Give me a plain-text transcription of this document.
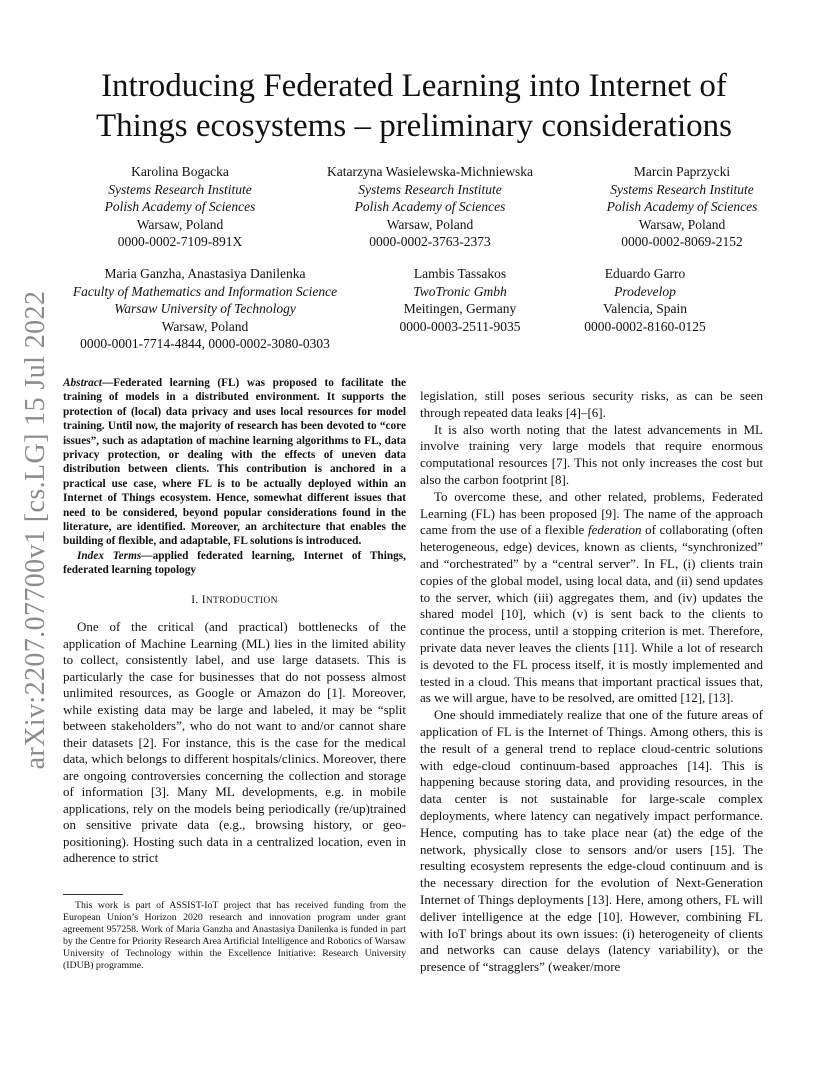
arXiv:2207.07700v1 [cs.LG] 15 Jul 2022
Introducing Federated Learning into Internet of
Things ecosystems – preliminary considerations
Karolina Bogacka
Systems Research Institute
Polish Academy of Sciences
Warsaw, Poland
0000-0002-7109-891X
Katarzyna Wasielewska-Michniewska
Systems Research Institute
Polish Academy of Sciences
Warsaw, Poland
0000-0002-3763-2373
Marcin Paprzycki
Systems Research Institute
Polish Academy of Sciences
Warsaw, Poland
0000-0002-8069-2152
Maria Ganzha, Anastasiya Danilenka
Faculty of Mathematics and Information Science
Warsaw University of Technology
Warsaw, Poland
0000-0001-7714-4844, 0000-0002-3080-0303
Lambis Tassakos
TwoTronic Gmbh
Meitingen, Germany
0000-0003-2511-9035
Eduardo Garro
Prodevelop
Valencia, Spain
0000-0002-8160-0125

Abstract—Federated learning (FL) was proposed to facilitate the training of models in a distributed environment. It supports the protection of (local) data privacy and uses local resources for model training. Until now, the majority of research has been devoted to “core issues”, such as adaptation of machine learning algorithms to FL, data privacy protection, or dealing with the effects of uneven data distribution between clients. This contribution is anchored in a practical use case, where FL is to be actually deployed within an Internet of Things ecosystem. Hence, somewhat different issues that need to be considered, beyond popular considerations found in the literature, are identified. Moreover, an architecture that enables the building of flexible, and adaptable, FL solutions is introduced.

Index Terms—applied federated learning, Internet of Things, federated learning topology

I. INTRODUCTION

One of the critical (and practical) bottlenecks of the application of Machine Learning (ML) lies in the limited ability to collect, consistently label, and use large datasets. This is particularly the case for businesses that do not possess almost unlimited resources, as Google or Amazon do [1]. Moreover, while existing data may be large and labeled, it may be “split between stakeholders”, who do not want to and/or cannot share their datasets [2]. For instance, this is the case for the medical data, which belongs to different hospitals/clinics. Moreover, there are ongoing controversies concerning the collection and storage of information [3]. Many ML developments, e.g. in mobile applications, rely on the models being periodically (re/up)trained on sensitive private data (e.g., browsing history, or geo-positioning). Hosting such data in a centralized location, even in adherence to strict

This work is part of ASSIST-IoT project that has received funding from the European Union’s Horizon 2020 research and innovation program under grant agreement 957258. Work of Maria Ganzha and Anastasiya Danilenka is funded in part by the Centre for Priority Research Area Artificial Intelligence and Robotics of Warsaw University of Technology within the Excellence Initiative: Research University (IDUB) programme.

legislation, still poses serious security risks, as can be seen through repeated data leaks [4]–[6].

It is also worth noting that the latest advancements in ML involve training very large models that require enormous computational resources [7]. This not only increases the cost but also the carbon footprint [8].

To overcome these, and other related, problems, Federated Learning (FL) has been proposed [9]. The name of the approach came from the use of a flexible federation of collaborating (often heterogeneous, edge) devices, known as clients, “synchronized” and “orchestrated” by a “central server”. In FL, (i) clients train copies of the global model, using local data, and (ii) send updates to the server, which (iii) aggregates them, and (iv) updates the shared model [10], which (v) is sent back to the clients to continue the process, until a stopping criterion is met. Therefore, private data never leaves the clients [11]. While a lot of research is devoted to the FL process itself, it is mostly implemented and tested in a cloud. This means that important practical issues that, as we will argue, have to be resolved, are omitted [12], [13].

One should immediately realize that one of the future areas of application of FL is the Internet of Things. Among others, this is the result of a general trend to replace cloud-centric solutions with edge-cloud continuum-based approaches [14]. This is happening because storing data, and providing resources, in the data center is not sustainable for large-scale complex deployments, where latency can negatively impact performance. Hence, computing has to take place near (at) the edge of the network, physically close to sensors and/or users [15]. The resulting ecosystem represents the edge-cloud continuum and is the necessary direction for the evolution of Next-Generation Internet of Things deployments [13]. Here, among others, FL will deliver intelligence at the edge [10]. However, combining FL with IoT brings about its own issues: (i) heterogeneity of clients and networks can cause delays (latency variability), or the presence of “stragglers” (weaker/more
